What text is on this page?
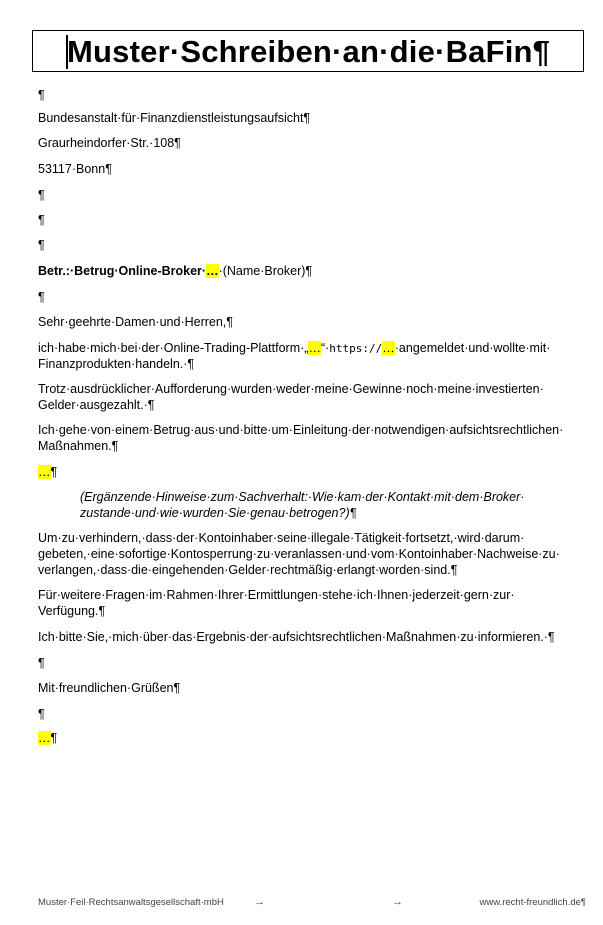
Muster·Schreiben·an·die·BaFin¶
¶
Bundesanstalt·für·Finanzdienstleistungsaufsicht¶
Graurheindorfer·Str.·108¶
53117·Bonn¶
¶
¶
¶
Betr.:·Betrug·Online-Broker·…·(Name·Broker)¶
¶
Sehr·geehrte·Damen·und·Herren,¶
ich·habe·mich·bei·der·Online-Trading-Plattform·„…“·https://…·angemeldet·und·wollte·mit·
Finanzprodukten·handeln.·¶
Trotz·ausdrücklicher·Aufforderung·wurden·weder·meine·Gewinne·noch·meine·investierten·
Gelder·ausgezahlt.·¶
Ich·gehe·von·einem·Betrug·aus·und·bitte·um·Einleitung·der·notwendigen·aufsichtsrechtlichen·
Maßnahmen.¶
…¶
(Ergänzende·Hinweise·zum·Sachverhalt:·Wie·kam·der·Kontakt·mit·dem·Broker·
zustande·und·wie·wurden·Sie·genau·betrogen?)¶
Um·zu·verhindern,·dass·der·Kontoinhaber·seine·illegale·Tätigkeit·fortsetzt,·wird·darum·
gebeten,·eine·sofortige·Kontosperrung·zu·veranlassen·und·vom·Kontoinhaber·Nachweise·zu·
verlangen,·dass·die·eingehenden·Gelder·rechtmäßig·erlangt·worden·sind.¶
Für·weitere·Fragen·im·Rahmen·Ihrer·Ermittlungen·stehe·ich·Ihnen·jederzeit·gern·zur·
Verfügung.¶
Ich·bitte·Sie,·mich·über·das·Ergebnis·der·aufsichtsrechtlichen·Maßnahmen·zu·informieren.·¶
¶
Mit·freundlichen·Grüßen¶
¶
…¶
Muster·Feil·Rechtsanwaltsgesellschaft·mbH	→	→	www.recht-freundlich.de¶
